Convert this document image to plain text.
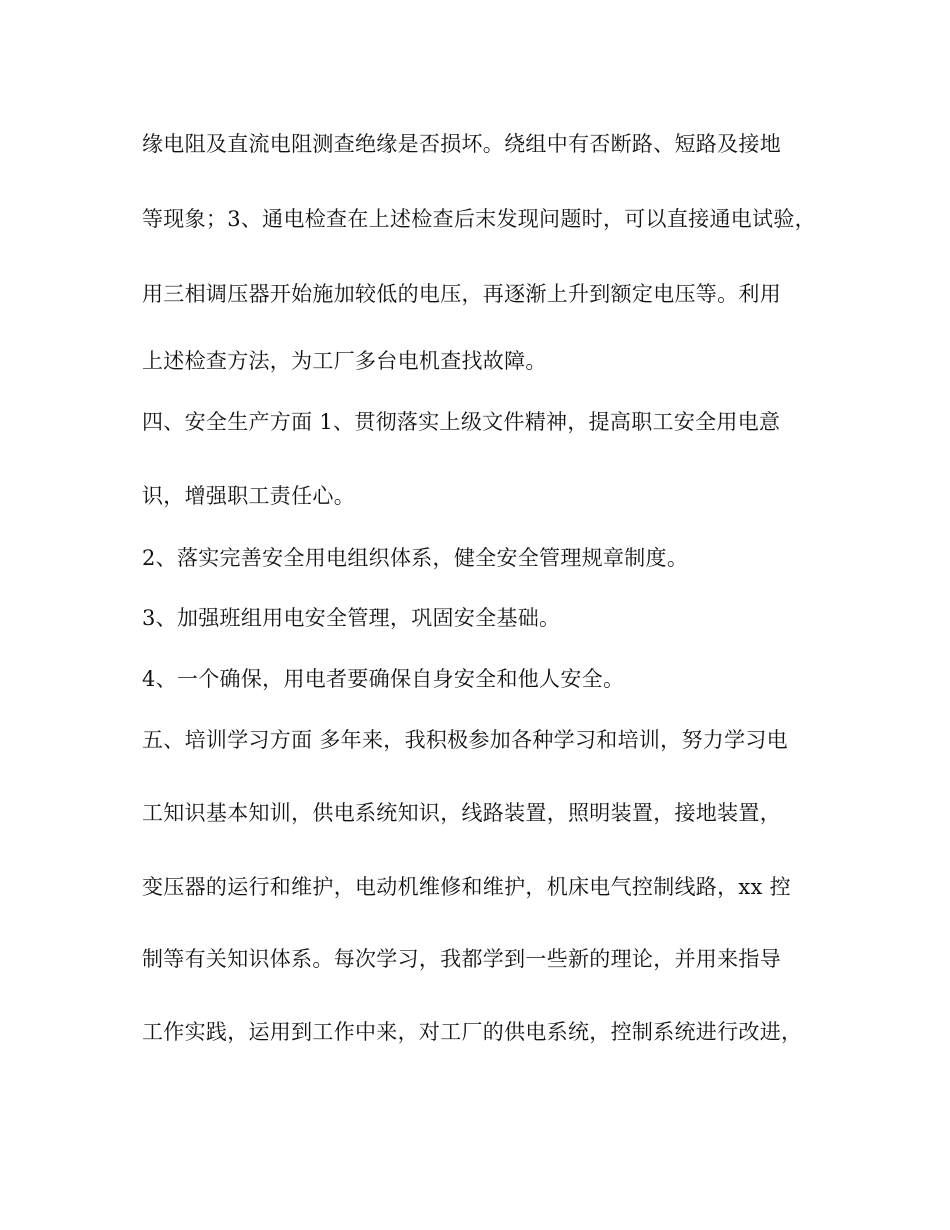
缘电阻及直流电阻测查绝缘是否损坏。绕组中有否断路、短路及接地
等现象；3、通电检查在上述检查后末发现问题时，可以直接通电试验，
用三相调压器开始施加较低的电压，再逐渐上升到额定电压等。利用
上述检查方法，为工厂多台电机查找故障。
四、安全生产方面 1、贯彻落实上级文件精神，提高职工安全用电意
识，增强职工责任心。
2、落实完善安全用电组织体系，健全安全管理规章制度。
3、加强班组用电安全管理，巩固安全基础。
4、一个确保，用电者要确保自身安全和他人安全。
五、培训学习方面 多年来，我积极参加各种学习和培训，努力学习电
工知识基本知训，供电系统知识，线路装置，照明装置，接地装置，
变压器的运行和维护，电动机维修和维护，机床电气控制线路，xx 控
制等有关知识体系。每次学习，我都学到一些新的理论，并用来指导
工作实践，运用到工作中来，对工厂的供电系统，控制系统进行改进，
